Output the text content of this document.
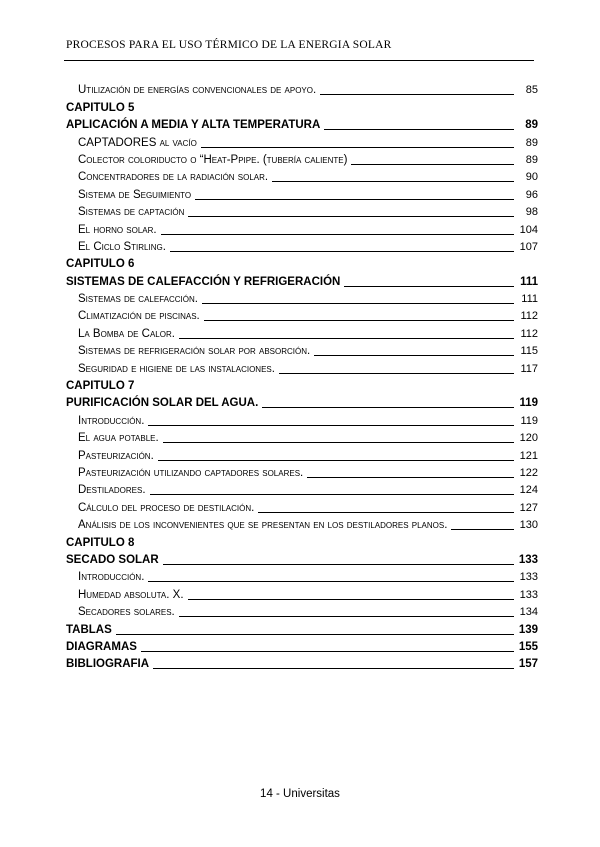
PROCESOS PARA EL USO TÉRMICO DE LA ENERGIA SOLAR
Utilización de energías convencionales de apoyo.	85
CAPITULO 5
APLICACIÓN A MEDIA Y ALTA TEMPERATURA	89
CAPTADORES al vacío	89
Colector coloriducto o “Heat-Ppipe. (tubería caliente)	89
Concentradores de la radiación solar.	90
Sistema de Seguimiento	96
Sistemas de captación	98
El horno solar.	104
El Ciclo Stirling.	107
CAPITULO 6
SISTEMAS DE CALEFACCIÓN Y REFRIGERACIÓN	111
Sistemas de calefacción.	111
Climatización de piscinas.	112
La Bomba de Calor.	112
Sistemas de refrigeración solar por absorción.	115
Seguridad e higiene de las instalaciones.	117
CAPITULO 7
PURIFICACIÓN SOLAR DEL AGUA.	119
Introducción.	119
El agua potable.	120
Pasteurización.	121
Pasteurización utilizando captadores solares.	122
Destiladores.	124
Cálculo del proceso de destilación.	127
Análisis de los inconvenientes que se presentan en los destiladores planos.	130
CAPITULO 8
SECADO SOLAR	133
Introducción.	133
Humedad absoluta. X.	133
Secadores solares.	134
TABLAS	139
DIAGRAMAS	155
BIBLIOGRAFIA	157
14 - Universitas
